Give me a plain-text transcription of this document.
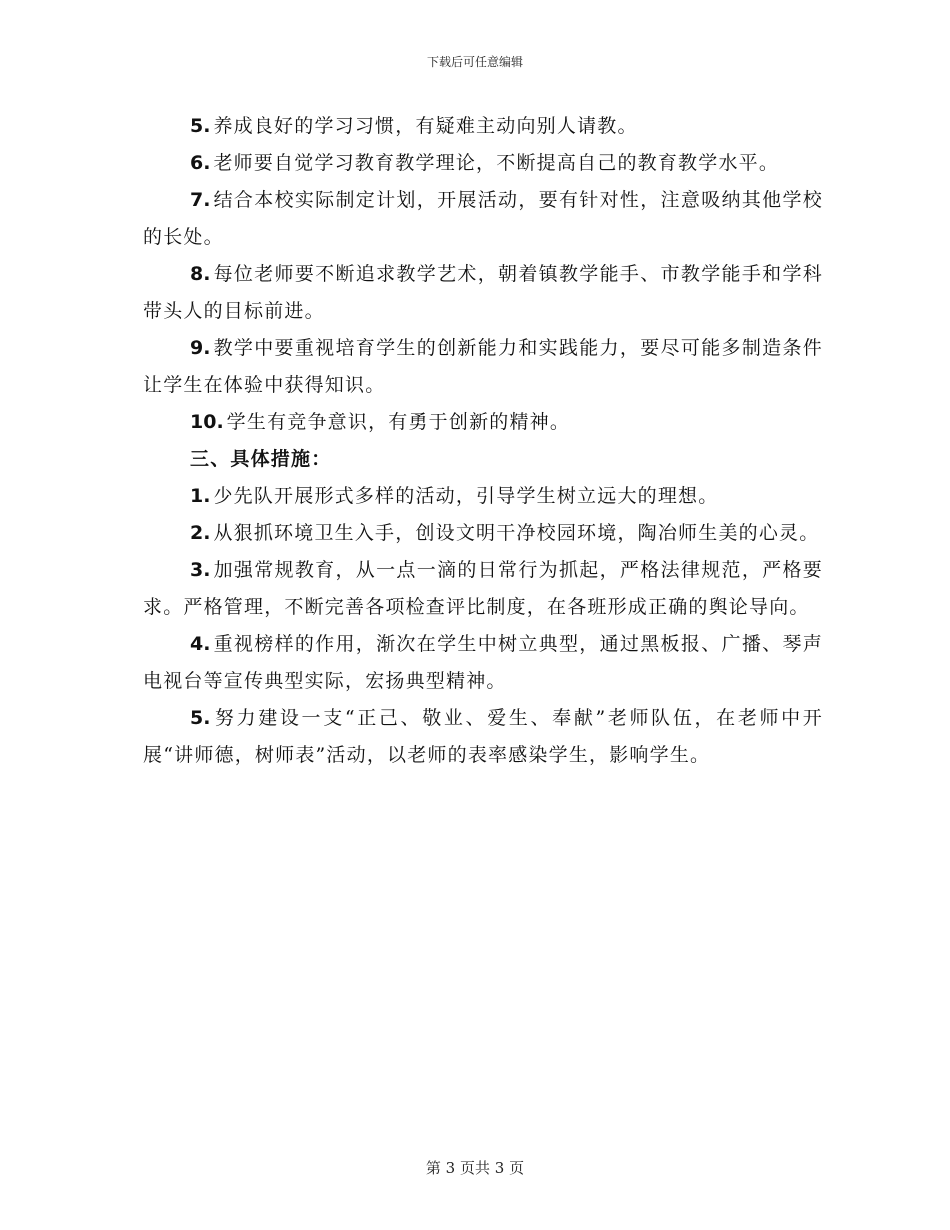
下载后可任意编辑

5. 养成良好的学习习惯，有疑难主动向别人请教。

6. 老师要自觉学习教育教学理论，不断提高自己的教育教学水平。

7. 结合本校实际制定计划，开展活动，要有针对性，注意吸纳其他学校的长处。

8. 每位老师要不断追求教学艺术，朝着镇教学能手、市教学能手和学科带头人的目标前进。

9. 教学中要重视培育学生的创新能力和实践能力，要尽可能多制造条件让学生在体验中获得知识。

10. 学生有竞争意识，有勇于创新的精神。

三、具体措施：

1. 少先队开展形式多样的活动，引导学生树立远大的理想。

2. 从狠抓环境卫生入手，创设文明干净校园环境，陶冶师生美的心灵。

3. 加强常规教育，从一点一滴的日常行为抓起，严格法律规范，严格要求。严格管理，不断完善各项检查评比制度，在各班形成正确的舆论导向。

4. 重视榜样的作用，渐次在学生中树立典型，通过黑板报、广播、琴声电视台等宣传典型实际，宏扬典型精神。

5. 努力建设一支“正己、敬业、爱生、奉献”老师队伍，在老师中开展“讲师德，树师表”活动，以老师的表率感染学生，影响学生。

第 3 页共 3 页
